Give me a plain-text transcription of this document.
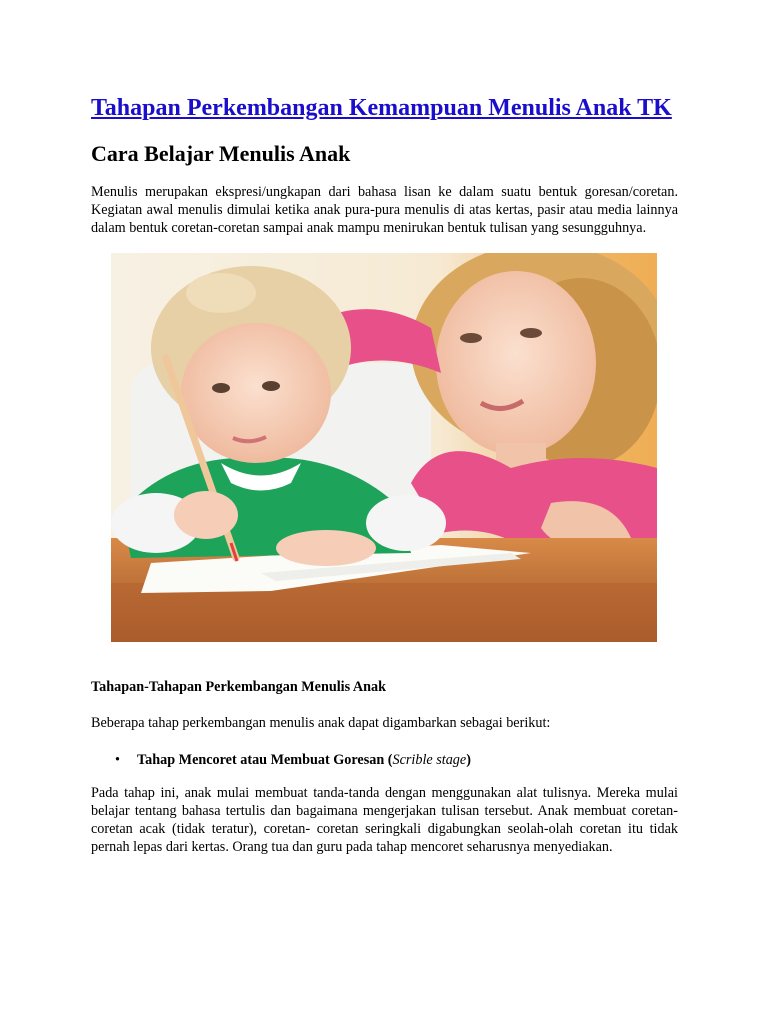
Tahapan Perkembangan Kemampuan Menulis Anak TK
Cara Belajar Menulis Anak

Menulis merupakan ekspresi/ungkapan dari bahasa lisan ke dalam suatu bentuk goresan/coretan. Kegiatan awal menulis dimulai ketika anak pura-pura menulis di atas kertas, pasir atau media lainnya dalam bentuk coretan-coretan sampai anak mampu menirukan bentuk tulisan yang sesungguhnya.

Tahapan-Tahapan Perkembangan Menulis Anak

Beberapa tahap perkembangan menulis anak dapat digambarkan sebagai berikut:

• Tahap Mencoret atau Membuat Goresan (Scrible stage)

Pada tahap ini, anak mulai membuat tanda-tanda dengan menggunakan alat tulisnya. Mereka mulai belajar tentang bahasa tertulis dan bagaimana mengerjakan tulisan tersebut. Anak membuat coretan-coretan acak (tidak teratur), coretan- coretan seringkali digabungkan seolah-olah coretan itu tidak pernah lepas dari kertas. Orang tua dan guru pada tahap mencoret seharusnya menyediakan.
